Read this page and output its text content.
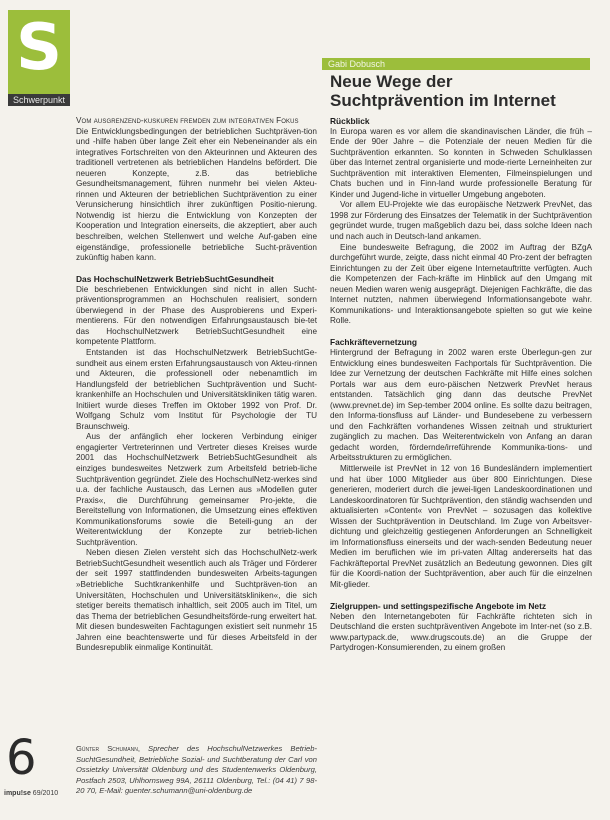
S
Schwerpunkt
Gabi Dobusch
Neue Wege der Suchtprävention im Internet

Vom ausgrenzend-kuskuren fremden zum integrativen Fokus

Die Entwicklungsbedingungen der betrieblichen Suchtpräven-tion und -hilfe haben über lange Zeit eher ein Nebeneinander als ein integratives Fortschreiten von den Akteurinnen und Akteuren des traditionell vertretenen als betrieblichen Handelns befördert. Die neueren Konzepte, z.B. das betriebliche Gesundheitsmanagement, führen nunmehr bei vielen Akteu-rinnen und Akteuren der betrieblichen Suchtprävention zu einer Verunsicherung hinsichtlich ihrer zukünftigen Positio-nierung. Notwendig ist hierzu die Entwicklung von Konzepten der Kooperation und Integration einerseits, die akzeptiert, aber auch beschreiben, welchen Stellenwert und welche Auf-gaben eine eigenständige, professionelle betriebliche Sucht-prävention zukünftig haben kann.

Das HochschulNetzwerk BetriebSuchtGesundheit

Die beschriebenen Entwicklungen sind nicht in allen Sucht-präventionsprogrammen an Hochschulen realisiert, sondern überwiegend in der Phase des Ausprobierens und Experi-mentierens. Für den notwendigen Erfahrungsaustausch bie-tet das HochschulNetzwerk BetriebSuchtGesundheit eine kompetente Plattform.

Entstanden ist das HochschulNetzwerk BetriebSuchtGe-sundheit aus einem ersten Erfahrungsaustausch von Akteu-rinnen und Akteuren, die professionell oder nebenamtlich im Handlungsfeld der betrieblichen Suchtprävention und Sucht-krankenhilfe an Hochschulen und Universitätskliniken tätig waren. Initiiert wurde dieses Treffen im Oktober 1992 von Prof. Dr. Wolfgang Schulz vom Institut für Psychologie der TU Braunschweig.

Aus der anfänglich eher lockeren Verbindung einiger engagierter Vertreterinnen und Vertreter dieses Kreises wurde 2001 das HochschulNetzwerk BetriebSuchtGesundheit als einziges bundesweites Netzwerk zum Arbeitsfeld betrieb-liche Suchtprävention gegründet. Ziele des HochschulNetz-werkes sind u.a. der fachliche Austausch, das Lernen aus »Modellen guter Praxis«, die Durchführung gemeinsamer Pro-jekte, die Bereitstellung von Informationen, die Umsetzung eines effektiven Kommunikationsforums sowie die Beteili-gung an der Weiterentwicklung der Konzepte zur betrieb-lichen Suchtprävention.

Neben diesen Zielen versteht sich das HochschulNetz-werk BetriebSuchtGesundheit wesentlich auch als Träger und Förderer der seit 1997 stattfindenden bundesweiten Arbeits-tagungen »Betriebliche Suchtkrankenhilfe und Suchtpräven-tion an Universitäten, Hochschulen und Universitätskliniken«, die sich stetiger bereits thematisch inhaltlich, seit 2005 auch im Titel, um das Thema der betrieblichen Gesundheitsförde-rung erweitert hat. Mit diesen bundesweiten Fachtagungen existiert seit nunmehr 15 Jahren eine beachtenswerte und für dieses Arbeitsfeld in der Bundesrepublik einmalige Kontinuität.

Günter Schumann, Sprecher des HochschulNetzwerkes Betrieb-SuchtGesundheit, Betriebliche Sozial- und Suchtberatung der Carl von Ossietzky Universität Oldenburg und des Studentenwerks Oldenburg, Postfach 2503, Uhlhornsweg 99A, 26111 Oldenburg, Tel.: (04 41) 7 98-20 70, E-Mail: guenter.schumann@uni-oldenburg.de
Rückblick

In Europa waren es vor allem die skandinavischen Länder, die früh – Ende der 90er Jahre – die Potenziale der neuen Medien für die Suchtprävention erkannten. So konnten in Schweden Schulklassen über das Internet zentral organisierte und mode-rierte Lerneinheiten zur Suchtprävention mit interaktiven Elementen, Filmeinspielungen und Chats buchen und in Finn-land wurde professionelle Beratung für Kinder und Jugend-liche in virtueller Umgebung angeboten.

Vor allem EU-Projekte wie das europäische Netzwerk PrevNet, das 1998 zur Förderung des Einsatzes der Telematik in der Suchtprävention gegründet wurde, trugen maßgeblich dazu bei, dass solche Ideen nach und nach auch in Deutsch-land ankamen.

Eine bundesweite Befragung, die 2002 im Auftrag der BZgA durchgeführt wurde, zeigte, dass nicht einmal 40 Pro-zent der befragten Einrichtungen zu der Zeit über eigene Internetauftritte verfügten. Auch die Kompetenzen der Fach-kräfte im Hinblick auf den Umgang mit neuen Medien waren wenig ausgeprägt. Diejenigen Fachkräfte, die das Internet nutzten, nahmen überwiegend Informationsangebote wahr. Kommunikations- und Interaktionsangebote spielten so gut wie keine Rolle.

Fachkräftevernetzung

Hintergrund der Befragung in 2002 waren erste Überlegun-gen zur Entwicklung eines bundesweiten Fachportals für Suchtprävention. Die Idee zur Vernetzung der deutschen Fachkräfte mit Hilfe eines solchen Portals war aus dem euro-päischen Netzwerk PrevNet heraus entstanden. Tatsächlich ging dann das deutsche PrevNet (www.prevnet.de) im Sep-tember 2004 online. Es sollte dazu beitragen, den Informa-tionsfluss auf Länder- und Bundesebene zu verbessern und den Fachkräften vorhandenes Wissen zeitnah und strukturiert zugänglich zu machen. Das Weiterentwickeln von Anfang an daran gedacht worden, fördernde/irreführende Kommunika-tions- und Arbeitsstrukturen zu ermöglichen.

Mittlerweile ist PrevNet in 12 von 16 Bundesländern implementiert und hat über 1000 Mitglieder aus über 800 Einrichtungen. Diese generieren, moderiert durch die jewei-ligen Landeskoordinationen und Landeskoordinatoren für Suchtprävention, den ständig wachsenden und aktualisierten »Content« von PrevNet – sozusagen das kollektive Wissen der Suchtprävention in Deutschland. Im Zuge von Arbeitsver-dichtung und gleichzeitig gestiegenen Anforderungen an Schnelligkeit im Informationsfluss einerseits und der wach-senden Bedeutung neuer Medien im beruflichen wie im pri-vaten Alltag andererseits hat das Fachkräfteportal PrevNet zusätzlich an Bedeutung gewonnen. Dies gilt für die Koordi-nation der Suchtprävention, aber auch für die einzelnen Mit-glieder.

Zielgruppen- und settingspezifische Angebote im Netz

Neben den Internetangeboten für Fachkräfte richteten sich in Deutschland die ersten suchtpräventiven Angebote im Inter-net (so z.B. www.partypack.de, www.drugscouts.de) an die Gruppe der Partydrogen-Konsumierenden, zu einem großen

6
impu!se 69/2010
